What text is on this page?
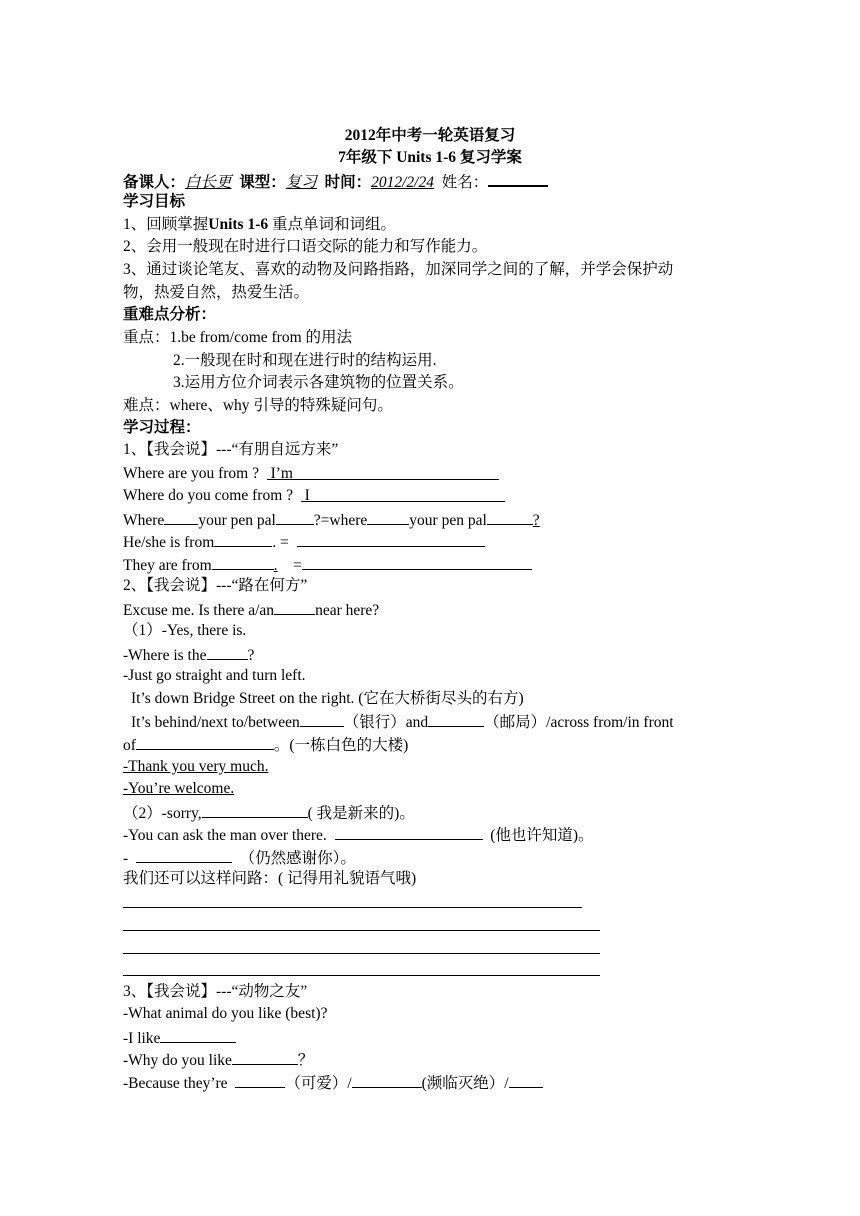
2012年中考一轮英语复习
7年级下 Units 1-6 复习学案
备课人：白长更 课型：复习 时间：2012/2/24 姓名：
学习目标
1、回顾掌握Units 1-6 重点单词和词组。
2、会用一般现在时进行口语交际的能力和写作能力。
3、通过谈论笔友、喜欢的动物及问路指路，加深同学之间的了解，并学会保护动
物，热爱自然，热爱生活。
重难点分析：
重点：1.be from/come from 的用法
2.一般现在时和现在进行时的结构运用.
3.运用方位介词表示各建筑物的位置关系。
难点：where、why 引导的特殊疑问句。
学习过程：
1、【我会说】---“有朋自远方来”
Where are you from ? I’m
Where do you come from ? I
Where your pen pal ?=where	your pen pal	?
He/she is from	. =
They are from	. =
2、【我会说】---“路在何方”
Excuse me. Is there a/an	near here?
（1）-Yes, there is.
-Where is the	?
-Just go straight and turn left.
It’s down Bridge Street on the right. (它在大桥街尽头的右方)
It’s behind/next to/between	（银行）and	（邮局）/across from/in front
of	。(一栋白色的大楼)
-Thank you very much.
-You’re welcome.
（2）-sorry,	( 我是新来的)。
-You can ask the man over there.	(他也许知道)。
-	（仍然感谢你）。
我们还可以这样问路：( 记得用礼貌语气哦)
3、【我会说】---“动物之友”
-What animal do you like (best)?
-I like
-Why do you like	？
-Because they’re	（可爱）/	(濒临灭绝）/
